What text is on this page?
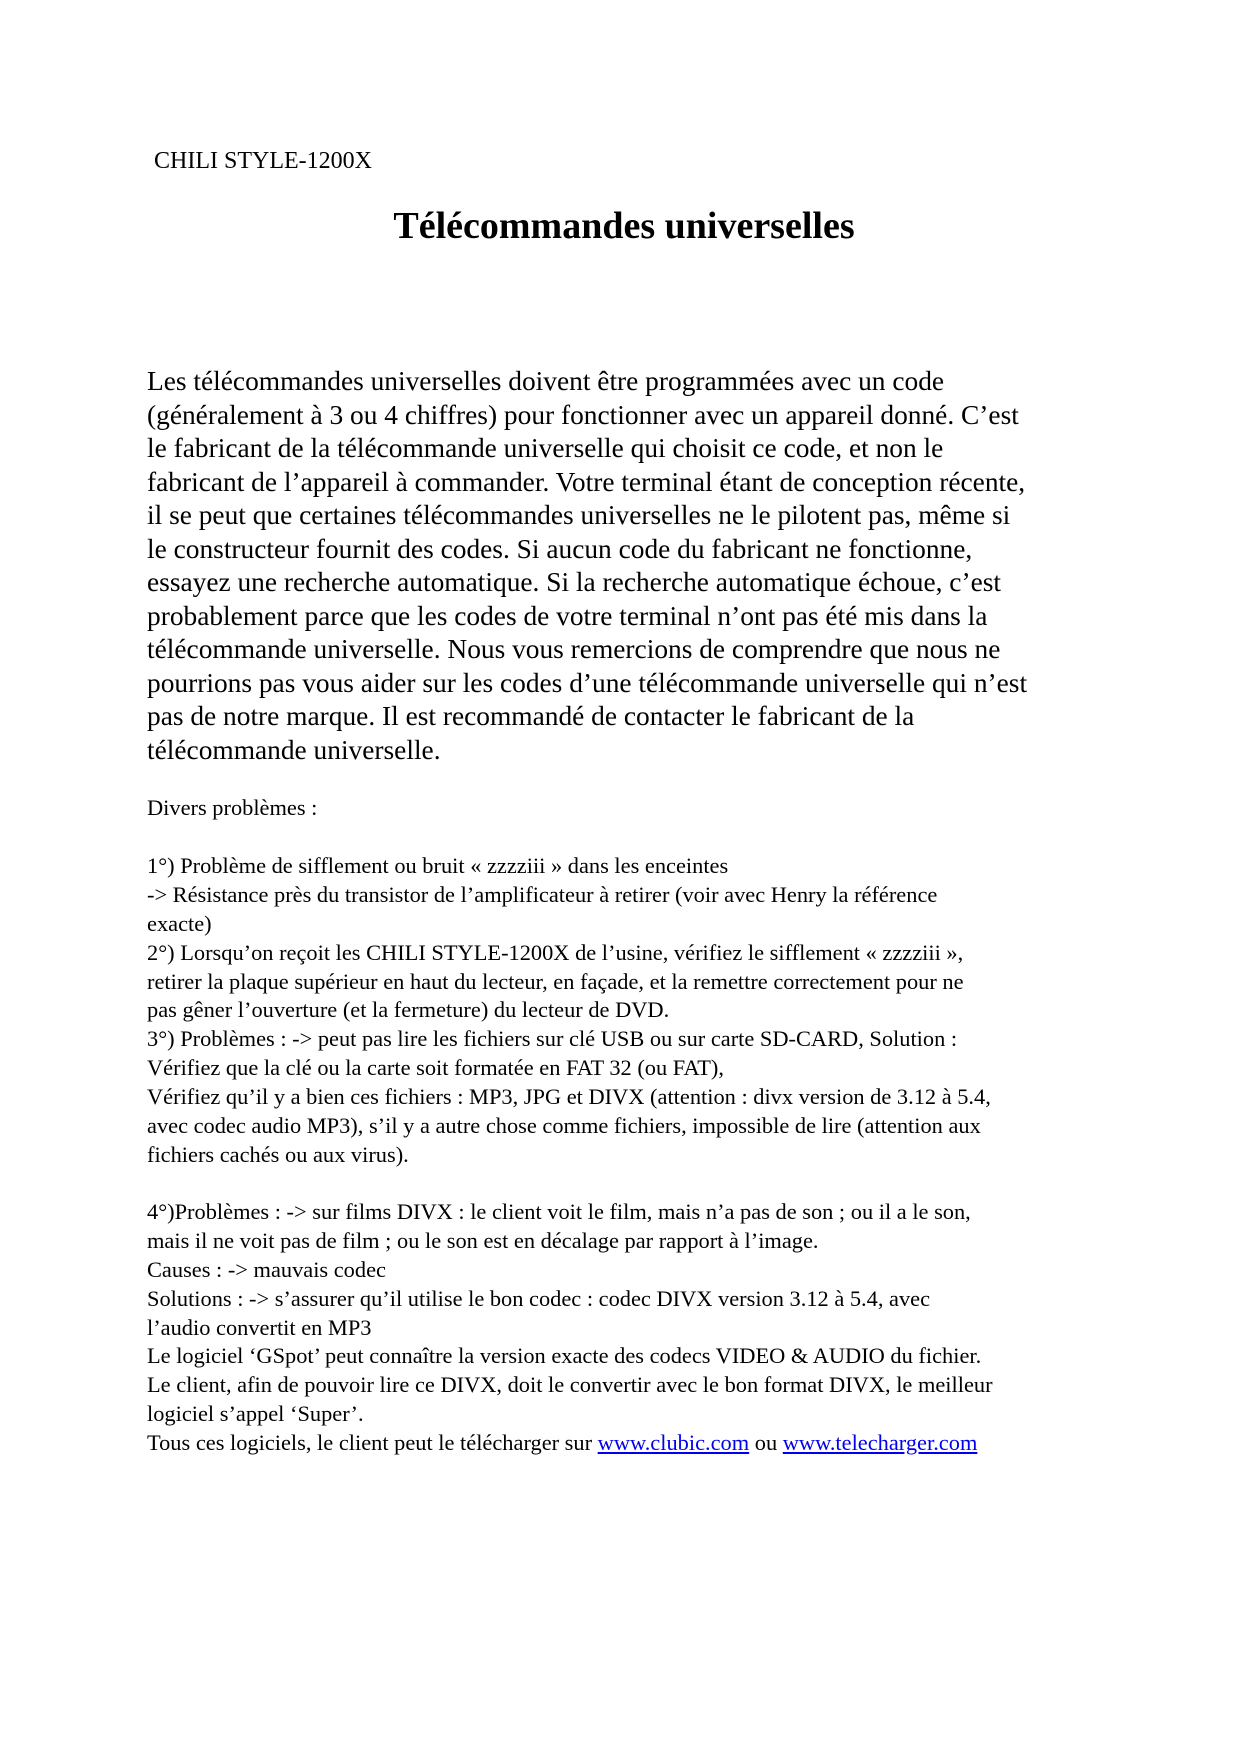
CHILI STYLE-1200X
Télécommandes universelles
Les télécommandes universelles doivent être programmées avec un code
(généralement à 3 ou 4 chiffres) pour fonctionner avec un appareil donné. C’est
le fabricant de la télécommande universelle qui choisit ce code, et non le
fabricant de l’appareil à commander. Votre terminal étant de conception récente,
il se peut que certaines télécommandes universelles ne le pilotent pas, même si
le constructeur fournit des codes. Si aucun code du fabricant ne fonctionne,
essayez une recherche automatique. Si la recherche automatique échoue, c’est
probablement parce que les codes de votre terminal n’ont pas été mis dans la
télécommande universelle. Nous vous remercions de comprendre que nous ne
pourrions pas vous aider sur les codes d’une télécommande universelle qui n’est
pas de notre marque. Il est recommandé de contacter le fabricant de la
télécommande universelle.
Divers problèmes :
1°) Problème de sifflement ou bruit « zzzziii » dans les enceintes
-> Résistance près du transistor de l’amplificateur à retirer (voir avec Henry la référence
exacte)
2°) Lorsqu’on reçoit les CHILI STYLE-1200X de l’usine, vérifiez le sifflement « zzzziii »,
retirer la plaque supérieur en haut du lecteur, en façade, et la remettre correctement pour ne
pas gêner l’ouverture (et la fermeture) du lecteur de DVD.
3°) Problèmes : -> peut pas lire les fichiers sur clé USB ou sur carte SD-CARD, Solution :
Vérifiez que la clé ou la carte soit formatée en FAT 32 (ou FAT),
Vérifiez qu’il y a bien ces fichiers : MP3, JPG et DIVX (attention : divx version de 3.12 à 5.4,
avec codec audio MP3), s’il y a autre chose comme fichiers, impossible de lire (attention aux
fichiers cachés ou aux virus).
4°)Problèmes : -> sur films DIVX : le client voit le film, mais n’a pas de son ; ou il a le son,
mais il ne voit pas de film ; ou le son est en décalage par rapport à l’image.
Causes : -> mauvais codec
Solutions : -> s’assurer qu’il utilise le bon codec : codec DIVX version 3.12 à 5.4, avec
l’audio convertit en MP3
Le logiciel ‘GSpot’ peut connaître la version exacte des codecs VIDEO & AUDIO du fichier.
Le client, afin de pouvoir lire ce DIVX, doit le convertir avec le bon format DIVX, le meilleur
logiciel s’appel ‘Super’.
Tous ces logiciels, le client peut le télécharger sur www.clubic.com ou www.telecharger.com
